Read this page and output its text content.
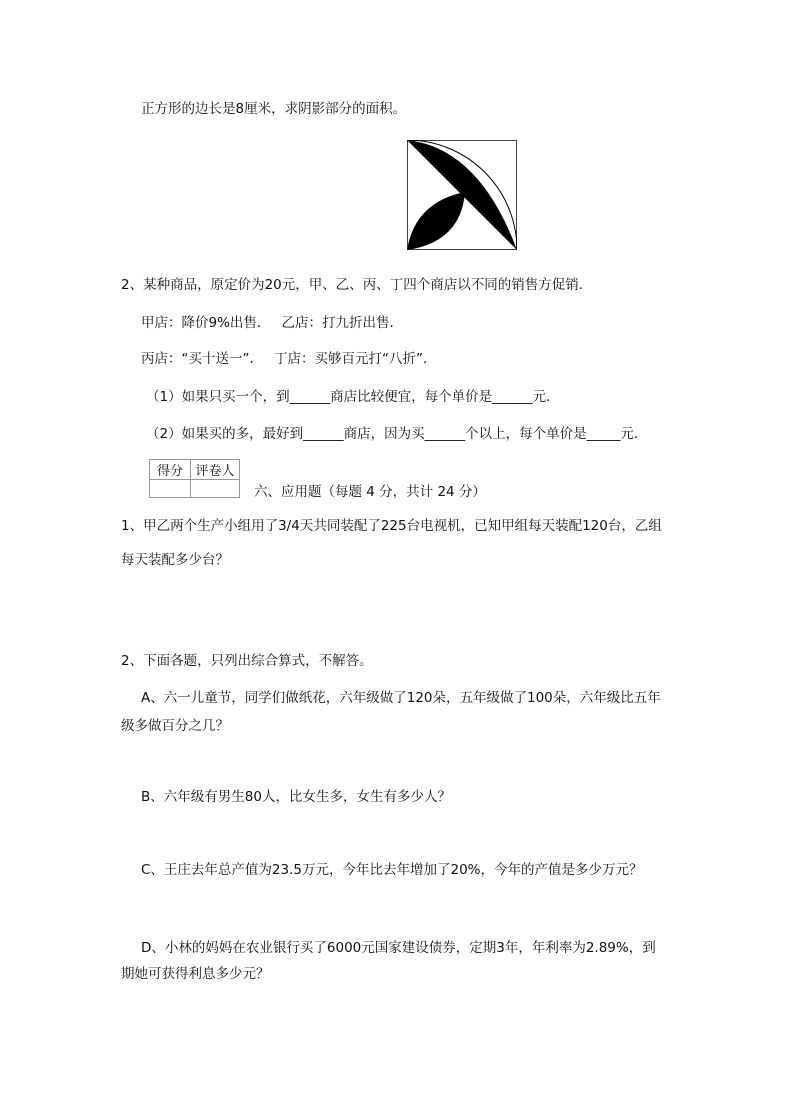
正方形的边长是8厘米，求阴影部分的面积。
2、某种商品，原定价为20元，甲、乙、丙、丁四个商店以不同的销售方促销．
甲店：降价9%出售．　 乙店：打九折出售．
丙店：“买十送一”．　 丁店：买够百元打“八折”．
（1）如果只买一个，到______商店比较便宜，每个单价是______元．
（2）如果买的多，最好到______商店，因为买______个以上，每个单价是_____元．
得分	评卷人

六、应用题（每题 4 分，共计 24 分）
1、甲乙两个生产小组用了3/4天共同装配了225台电视机，已知甲组每天装配120台，乙组
每天装配多少台？
2、下面各题，只列出综合算式，不解答。
A、六一儿童节，同学们做纸花，六年级做了120朵，五年级做了100朵，六年级比五年
级多做百分之几？
B、六年级有男生80人，比女生多，女生有多少人？
C、王庄去年总产值为23.5万元，今年比去年增加了20%，今年的产值是多少万元？
D、小林的妈妈在农业银行买了6000元国家建设债券，定期3年，年利率为2.89%，到
期她可获得利息多少元？
